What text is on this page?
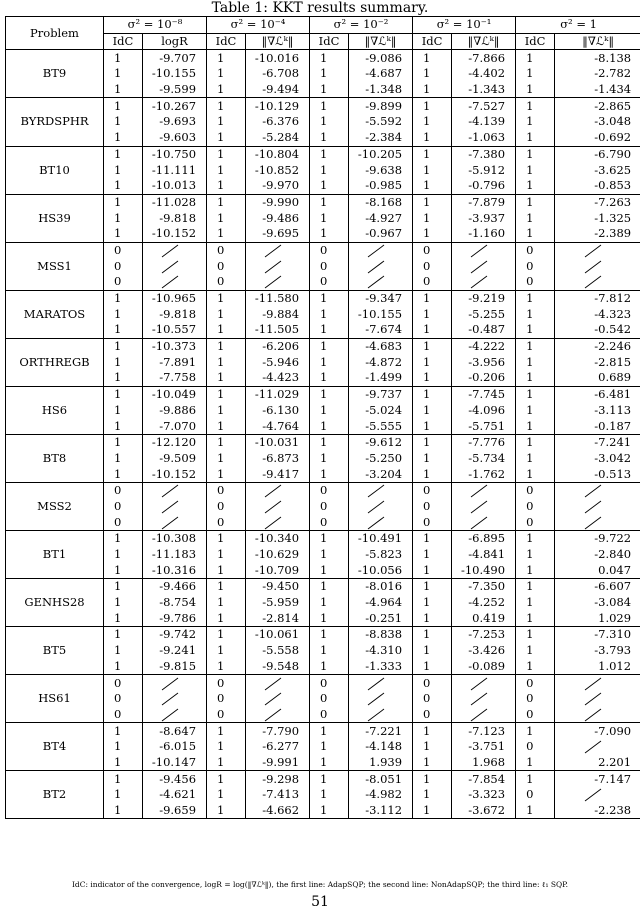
Table 1: KKT results summary.
Problem	σ² = 10⁻⁸		σ² = 10⁻⁴		σ² = 10⁻²		σ² = 10⁻¹		σ² = 1	
	IdC	logR	IdC	‖∇ℒᵏ‖	IdC	‖∇ℒᵏ‖	IdC	‖∇ℒᵏ‖	IdC	‖∇ℒᵏ‖
BT9	1	-9.707	1	-10.016	1	-9.086	1	-7.866	1	-8.138
	1	-10.155	1	-6.708	1	-4.687	1	-4.402	1	-2.782
	1	-9.599	1	-9.494	1	-1.348	1	-1.343	1	-1.434
BYRDSPHR	1	-10.267	1	-10.129	1	-9.899	1	-7.527	1	-2.865
	1	-9.693	1	-6.376	1	-5.592	1	-4.139	1	-3.048
	1	-9.603	1	-5.284	1	-2.384	1	-1.063	1	-0.692
BT10	1	-10.750	1	-10.804	1	-10.205	1	-7.380	1	-6.790
	1	-11.111	1	-10.852	1	-9.638	1	-5.912	1	-3.625
	1	-10.013	1	-9.970	1	-0.985	1	-0.796	1	-0.853
HS39	1	-11.028	1	-9.990	1	-8.168	1	-7.879	1	-7.263
	1	-9.818	1	-9.486	1	-4.927	1	-3.937	1	-1.325
	1	-10.152	1	-9.695	1	-0.967	1	-1.160	1	-2.389
MSS1	0		0		0		0		0	
	0		0		0		0		0	
	0		0		0		0		0	
MARATOS	1	-10.965	1	-11.580	1	-9.347	1	-9.219	1	-7.812
	1	-9.818	1	-9.884	1	-10.155	1	-5.255	1	-4.323
	1	-10.557	1	-11.505	1	-7.674	1	-0.487	1	-0.542
ORTHREGB	1	-10.373	1	-6.206	1	-4.683	1	-4.222	1	-2.246
	1	-7.891	1	-5.946	1	-4.872	1	-3.956	1	-2.815
	1	-7.758	1	-4.423	1	-1.499	1	-0.206	1	0.689
HS6	1	-10.049	1	-11.029	1	-9.737	1	-7.745	1	-6.481
	1	-9.886	1	-6.130	1	-5.024	1	-4.096	1	-3.113
	1	-7.070	1	-4.764	1	-5.555	1	-5.751	1	-0.187
BT8	1	-12.120	1	-10.031	1	-9.612	1	-7.776	1	-7.241
	1	-9.509	1	-6.873	1	-5.250	1	-5.734	1	-3.042
	1	-10.152	1	-9.417	1	-3.204	1	-1.762	1	-0.513
MSS2	0		0		0		0		0	
	0		0		0		0		0	
	0		0		0		0		0	
BT1	1	-10.308	1	-10.340	1	-10.491	1	-6.895	1	-9.722
	1	-11.183	1	-10.629	1	-5.823	1	-4.841	1	-2.840
	1	-10.316	1	-10.709	1	-10.056	1	-10.490	1	0.047
GENHS28	1	-9.466	1	-9.450	1	-8.016	1	-7.350	1	-6.607
	1	-8.754	1	-5.959	1	-4.964	1	-4.252	1	-3.084
	1	-9.786	1	-2.814	1	-0.251	1	0.419	1	1.029
BT5	1	-9.742	1	-10.061	1	-8.838	1	-7.253	1	-7.310
	1	-9.241	1	-5.558	1	-4.310	1	-3.426	1	-3.793
	1	-9.815	1	-9.548	1	-1.333	1	-0.089	1	1.012
HS61	0		0		0		0		0	
	0		0		0		0		0	
	0		0		0		0		0	
BT4	1	-8.647	1	-7.790	1	-7.221	1	-7.123	1	-7.090
	1	-6.015	1	-6.277	1	-4.148	1	-3.751	0	
	1	-10.147	1	-9.991	1	1.939	1	1.968	1	2.201
BT2	1	-9.456	1	-9.298	1	-8.051	1	-7.854	1	-7.147
	1	-4.621	1	-7.413	1	-4.982	1	-3.323	0	
	1	-9.659	1	-4.662	1	-3.112	1	-3.672	1	-2.238
IdC: indicator of the convergence, logR = log(‖∇ℒᵏ‖), the first line: AdapSQP; the second line: NonAdapSQP; the third line: ℓ₁ SQP.
51
